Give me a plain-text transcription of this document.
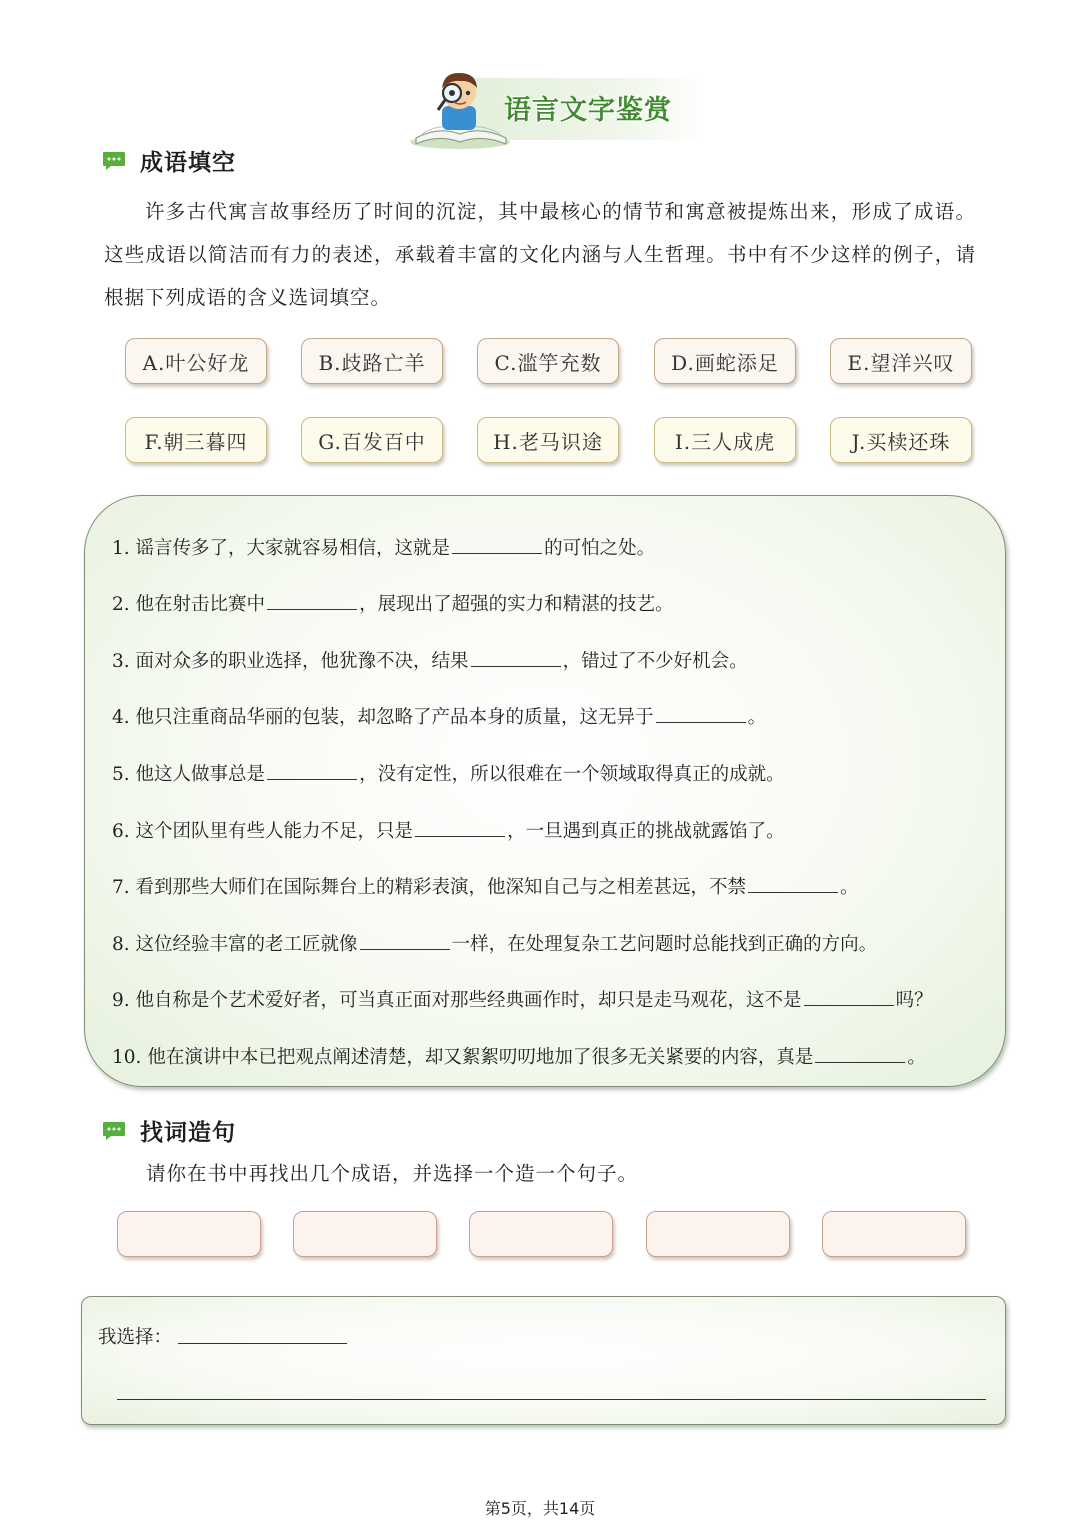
语言文字鉴赏
成语填空
许多古代寓言故事经历了时间的沉淀，其中最核心的情节和寓意被提炼出来，形成了成语。这些成语以简洁而有力的表述，承载着丰富的文化内涵与人生哲理。书中有不少这样的例子，请根据下列成语的含义选词填空。
A.叶公好龙	B.歧路亡羊	C.滥竽充数	D.画蛇添足	E.望洋兴叹
F.朝三暮四	G.百发百中	H.老马识途	I.三人成虎	J.买椟还珠
1. 谣言传多了，大家就容易相信，这就是	的可怕之处。
2. 他在射击比赛中	，展现出了超强的实力和精湛的技艺。
3. 面对众多的职业选择，他犹豫不决，结果	，错过了不少好机会。
4. 他只注重商品华丽的包装，却忽略了产品本身的质量，这无异于	。
5. 他这人做事总是	，没有定性，所以很难在一个领域取得真正的成就。
6. 这个团队里有些人能力不足，只是	，一旦遇到真正的挑战就露馅了。
7. 看到那些大师们在国际舞台上的精彩表演，他深知自己与之相差甚远，不禁	。
8. 这位经验丰富的老工匠就像	一样，在处理复杂工艺问题时总能找到正确的方向。
9. 他自称是个艺术爱好者，可当真正面对那些经典画作时，却只是走马观花，这不是	吗？
10. 他在演讲中本已把观点阐述清楚，却又絮絮叨叨地加了很多无关紧要的内容，真是	。
找词造句
请你在书中再找出几个成语，并选择一个造一个句子。
我选择：
第5页，共14页
